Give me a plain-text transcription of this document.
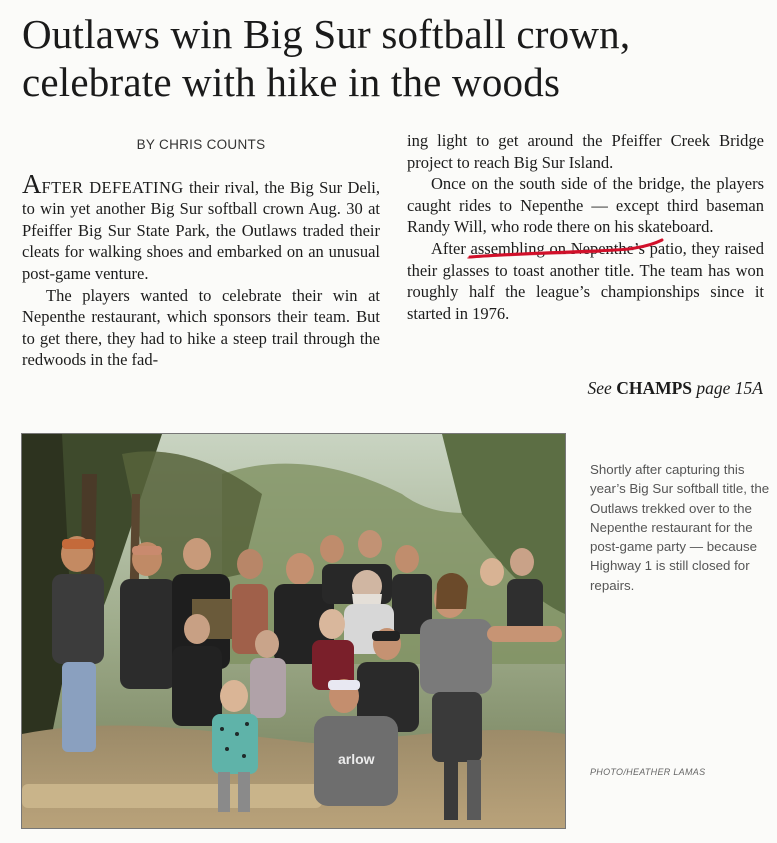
Outlaws win Big Sur softball crown,
celebrate with hike in the woods
BY CHRIS COUNTS

AFTER DEFEATING their rival, the Big Sur Deli, to win yet another Big Sur softball crown Aug. 30 at Pfeiffer Big Sur State Park, the Outlaws traded their cleats for walking shoes and embarked on an unusual post-game venture.

The players wanted to celebrate their win at Nepenthe restaurant, which sponsors their team. But to get there, they had to hike a steep trail through the redwoods in the fad-

ing light to get around the Pfeiffer Creek Bridge project to reach Big Sur Island.

Once on the south side of the bridge, the players caught rides to Nepenthe — except third baseman Randy Will, who rode there on his skateboard.

After assembling on Nepenthe’s patio, they raised their glasses to toast another title. The team has won roughly half the league’s championships since it started in 1976.

See CHAMPS page 15A
arlow
Shortly after capturing this year’s Big Sur softball title, the Outlaws trekked over to the Nepenthe restaurant for the post-game party — because Highway 1 is still closed for repairs.
PHOTO/HEATHER LAMAS
